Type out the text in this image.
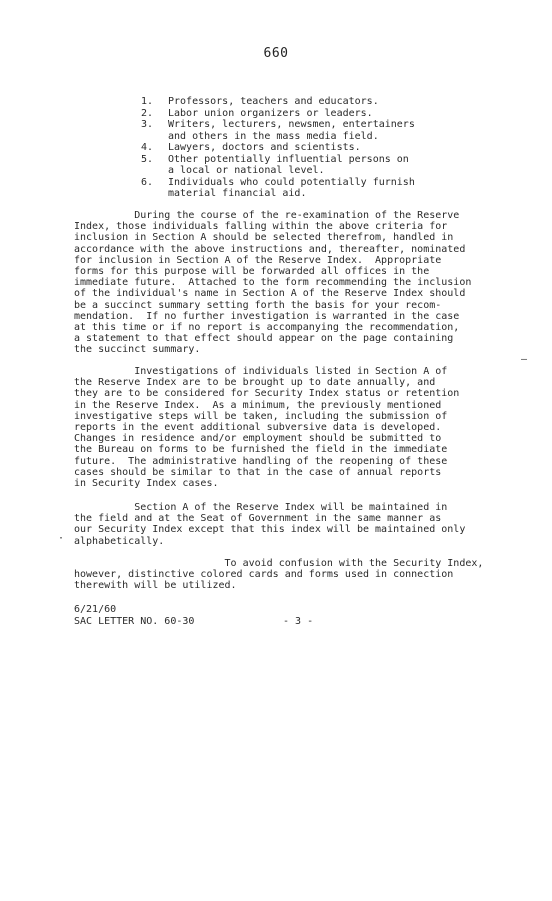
660
1. Professors, teachers and educators.
2. Labor union organizers or leaders.
3. Writers, lecturers, newsmen, entertainers
and others in the mass media field.
4. Lawyers, doctors and scientists.
5. Other potentially influential persons on
a local or national level.
6. Individuals who could potentially furnish
material financial aid.
During the course of the re-examination of the Reserve
Index, those individuals falling within the above criteria for
inclusion in Section A should be selected therefrom, handled in
accordance with the above instructions and, thereafter, nominated
for inclusion in Section A of the Reserve Index.  Appropriate
forms for this purpose will be forwarded all offices in the
immediate future.  Attached to the form recommending the inclusion
of the individual's name in Section A of the Reserve Index should
be a succinct summary setting forth the basis for your recom-
mendation.  If no further investigation is warranted in the case
at this time or if no report is accompanying the recommendation,
a statement to that effect should appear on the page containing
the succinct summary.
Investigations of individuals listed in Section A of
the Reserve Index are to be brought up to date annually, and
they are to be considered for Security Index status or retention
in the Reserve Index.  As a minimum, the previously mentioned
investigative steps will be taken, including the submission of
reports in the event additional subversive data is developed.
Changes in residence and/or employment should be submitted to
the Bureau on forms to be furnished the field in the immediate
future.  The administrative handling of the reopening of these
cases should be similar to that in the case of annual reports
in Security Index cases.
Section A of the Reserve Index will be maintained in
the field and at the Seat of Government in the same manner as
our Security Index except that this index will be maintained only
alphabetically.
To avoid confusion with the Security Index,
however, distinctive colored cards and forms used in connection
therewith will be utilized.
—
·
6/21/60
SAC LETTER NO. 60-30	- 3 -
